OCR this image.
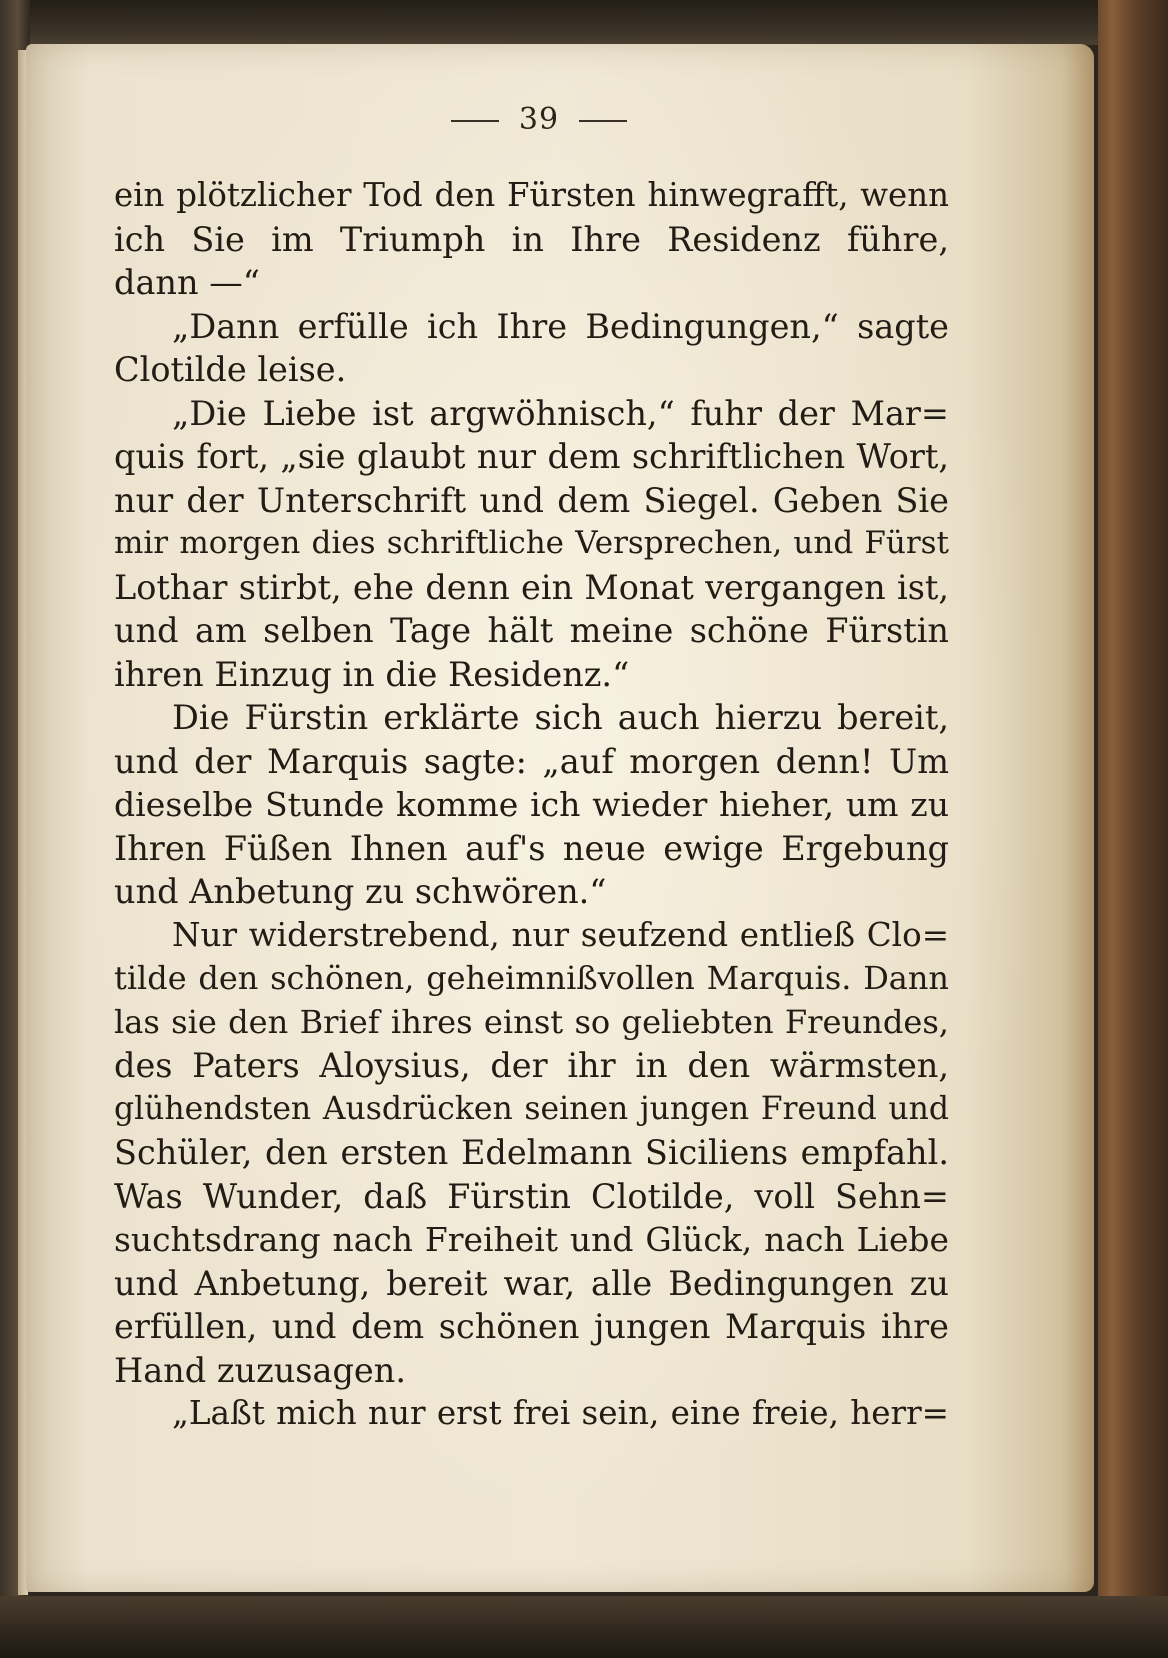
39
ein plötzlicher Tod den Fürsten hinwegrafft, wenn
ich Sie im Triumph in Ihre Residenz führe,
dann —“
„Dann erfülle ich Ihre Bedingungen,“ sagte
Clotilde leise.
„Die Liebe ist argwöhnisch,“ fuhr der Mar=
quis fort, „sie glaubt nur dem schriftlichen Wort,
nur der Unterschrift und dem Siegel. Geben Sie
mir morgen dies schriftliche Versprechen, und Fürst
Lothar stirbt, ehe denn ein Monat vergangen ist,
und am selben Tage hält meine schöne Fürstin
ihren Einzug in die Residenz.“
Die Fürstin erklärte sich auch hierzu bereit,
und der Marquis sagte: „auf morgen denn! Um
dieselbe Stunde komme ich wieder hieher, um zu
Ihren Füßen Ihnen auf's neue ewige Ergebung
und Anbetung zu schwören.“
Nur widerstrebend, nur seufzend entließ Clo=
tilde den schönen, geheimnißvollen Marquis. Dann
las sie den Brief ihres einst so geliebten Freundes,
des Paters Aloysius, der ihr in den wärmsten,
glühendsten Ausdrücken seinen jungen Freund und
Schüler, den ersten Edelmann Siciliens empfahl.
Was Wunder, daß Fürstin Clotilde, voll Sehn=
suchtsdrang nach Freiheit und Glück, nach Liebe
und Anbetung, bereit war, alle Bedingungen zu
erfüllen, und dem schönen jungen Marquis ihre
Hand zuzusagen.
„Laßt mich nur erst frei sein, eine freie, herr=
